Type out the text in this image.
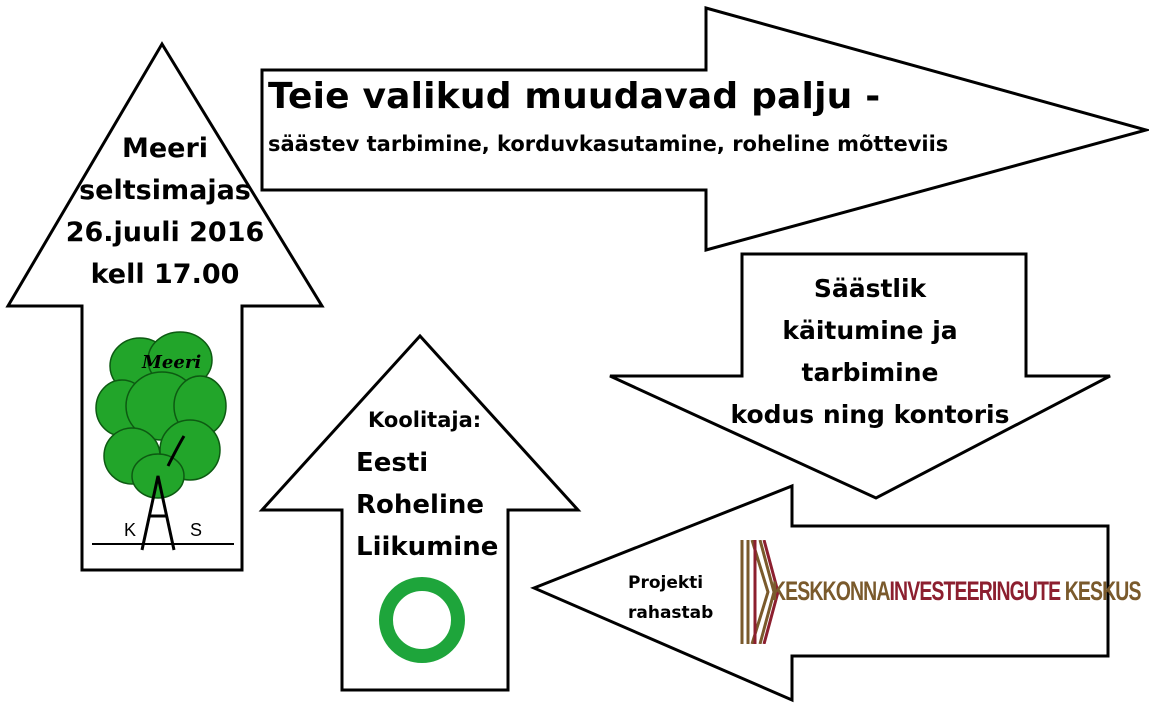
Meeri
K	S
Teie valikud muudavad palju -
säästev tarbimine, korduvkasutamine, roheline mõtteviis
Meeri
seltsimajas
26.juuli 2016
kell 17.00	Säästlik
käitumine ja
tarbimine
kodus ning kontoris
Koolitaja:
Eesti
Roheline
Liikumine
Projekti
rahastab
KESKKONNAINVESTEERINGUTE KESKUS
